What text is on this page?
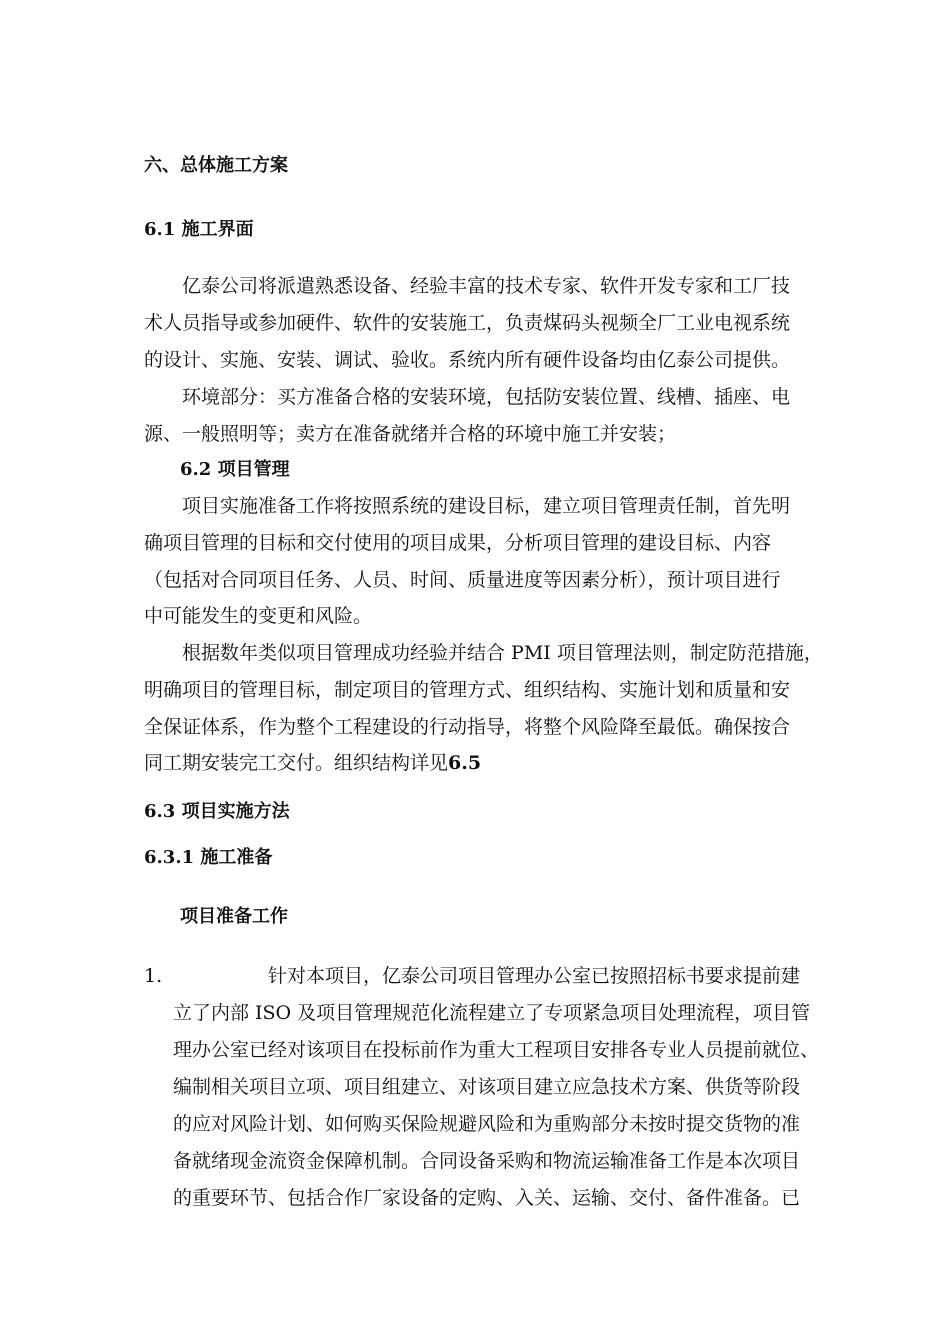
六、总体施工方案
6.1 施工界面
亿泰公司将派遣熟悉设备、经验丰富的技术专家、软件开发专家和工厂技
术人员指导或参加硬件、软件的安装施工，负责煤码头视频全厂工业电视系统
的设计、实施、安装、调试、验收。系统内所有硬件设备均由亿泰公司提供。
环境部分：买方准备合格的安装环境，包括防安装位置、线槽、插座、电
源、一般照明等；卖方在准备就绪并合格的环境中施工并安装；
6.2 项目管理
项目实施准备工作将按照系统的建设目标，建立项目管理责任制，首先明
确项目管理的目标和交付使用的项目成果，分析项目管理的建设目标、内容
（包括对合同项目任务、人员、时间、质量进度等因素分析），预计项目进行
中可能发生的变更和风险。
根据数年类似项目管理成功经验并结合 PMI 项目管理法则，制定防范措施，
明确项目的管理目标，制定项目的管理方式、组织结构、实施计划和质量和安
全保证体系，作为整个工程建设的行动指导，将整个风险降至最低。确保按合
同工期安装完工交付。组织结构详见6.5
6.3 项目实施方法
6.3.1 施工准备
项目准备工作
1.	针对本项目，亿泰公司项目管理办公室已按照招标书要求提前建
立了内部 ISO 及项目管理规范化流程建立了专项紧急项目处理流程，项目管
理办公室已经对该项目在投标前作为重大工程项目安排各专业人员提前就位、
编制相关项目立项、项目组建立、对该项目建立应急技术方案、供货等阶段
的应对风险计划、如何购买保险规避风险和为重购部分未按时提交货物的准
备就绪现金流资金保障机制。合同设备采购和物流运输准备工作是本次项目
的重要环节、包括合作厂家设备的定购、入关、运输、交付、备件准备。已
